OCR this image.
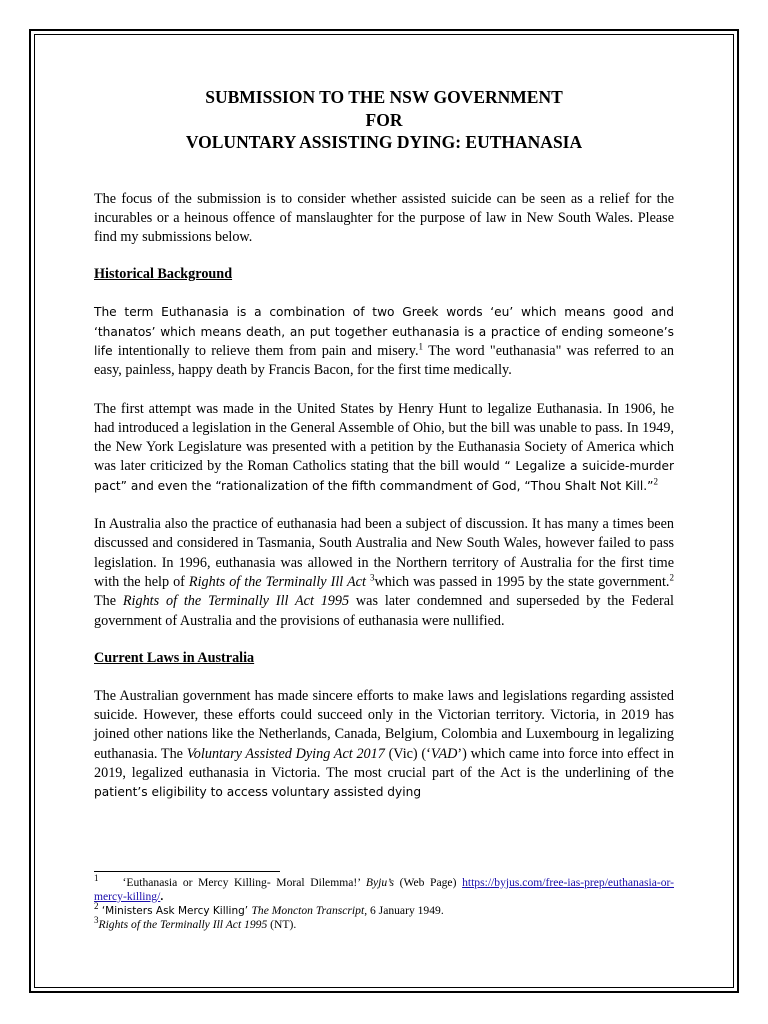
SUBMISSION TO THE NSW GOVERNMENT

FOR

VOLUNTARY ASSISTING DYING: EUTHANASIA

The focus of the submission is to consider whether assisted suicide can be seen as a relief for the incurables or a heinous offence of manslaughter for the purpose of law in New South Wales. Please find my submissions below.

Historical Background

The term Euthanasia is a combination of two Greek words ‘eu’ which means good and ‘thanatos’ which means death, an put together euthanasia is a practice of ending someone’s life intentionally to relieve them from pain and misery.$^1$ The word "euthanasia" was referred to an easy, painless, happy death by Francis Bacon, for the first time medically.

The first attempt was made in the United States by Henry Hunt to legalize Euthanasia. In 1906, he had introduced a legislation in the General Assemble of Ohio, but the bill was unable to pass. In 1949, the New York Legislature was presented with a petition by the Euthanasia Society of America which was later criticized by the Roman Catholics stating that the bill would “ Legalize a suicide-murder pact” and even the “rationalization of the fifth commandment of God, “Thou Shalt Not Kill.”$^2$

In Australia also the practice of euthanasia had been a subject of discussion. It has many a times been discussed and considered in Tasmania, South Australia and New South Wales, however failed to pass legislation. In 1996, euthanasia was allowed in the Northern territory of Australia for the first time with the help of Rights of the Terminally Ill Act $^3$which was passed in 1995 by the state government.$^2$ The Rights of the Terminally Ill Act 1995 was later condemned and superseded by the Federal government of Australia and the provisions of euthanasia were nullified.

Current Laws in Australia

The Australian government has made sincere efforts to make laws and legislations regarding assisted suicide. However, these efforts could succeed only in the Victorian territory. Victoria, in 2019 has joined other nations like the Netherlands, Canada, Belgium, Colombia and Luxembourg in legalizing euthanasia. The Voluntary Assisted Dying Act 2017 (Vic) (‘VAD’) which came into force into effect in 2019, legalized euthanasia in Victoria. The most crucial part of the Act is the underlining of the patient’s eligibility to access voluntary assisted dying

$^1$ ‘Euthanasia or Mercy Killing- Moral Dilemma!’ Byju’s (Web Page) https://byjus.com/free-ias-prep/euthanasia-or-mercy-killing/.

$^2$ ‘Ministers Ask Mercy Killing’ The Moncton Transcript, 6 January 1949.

$^3$Rights of the Terminally Ill Act 1995 (NT).
